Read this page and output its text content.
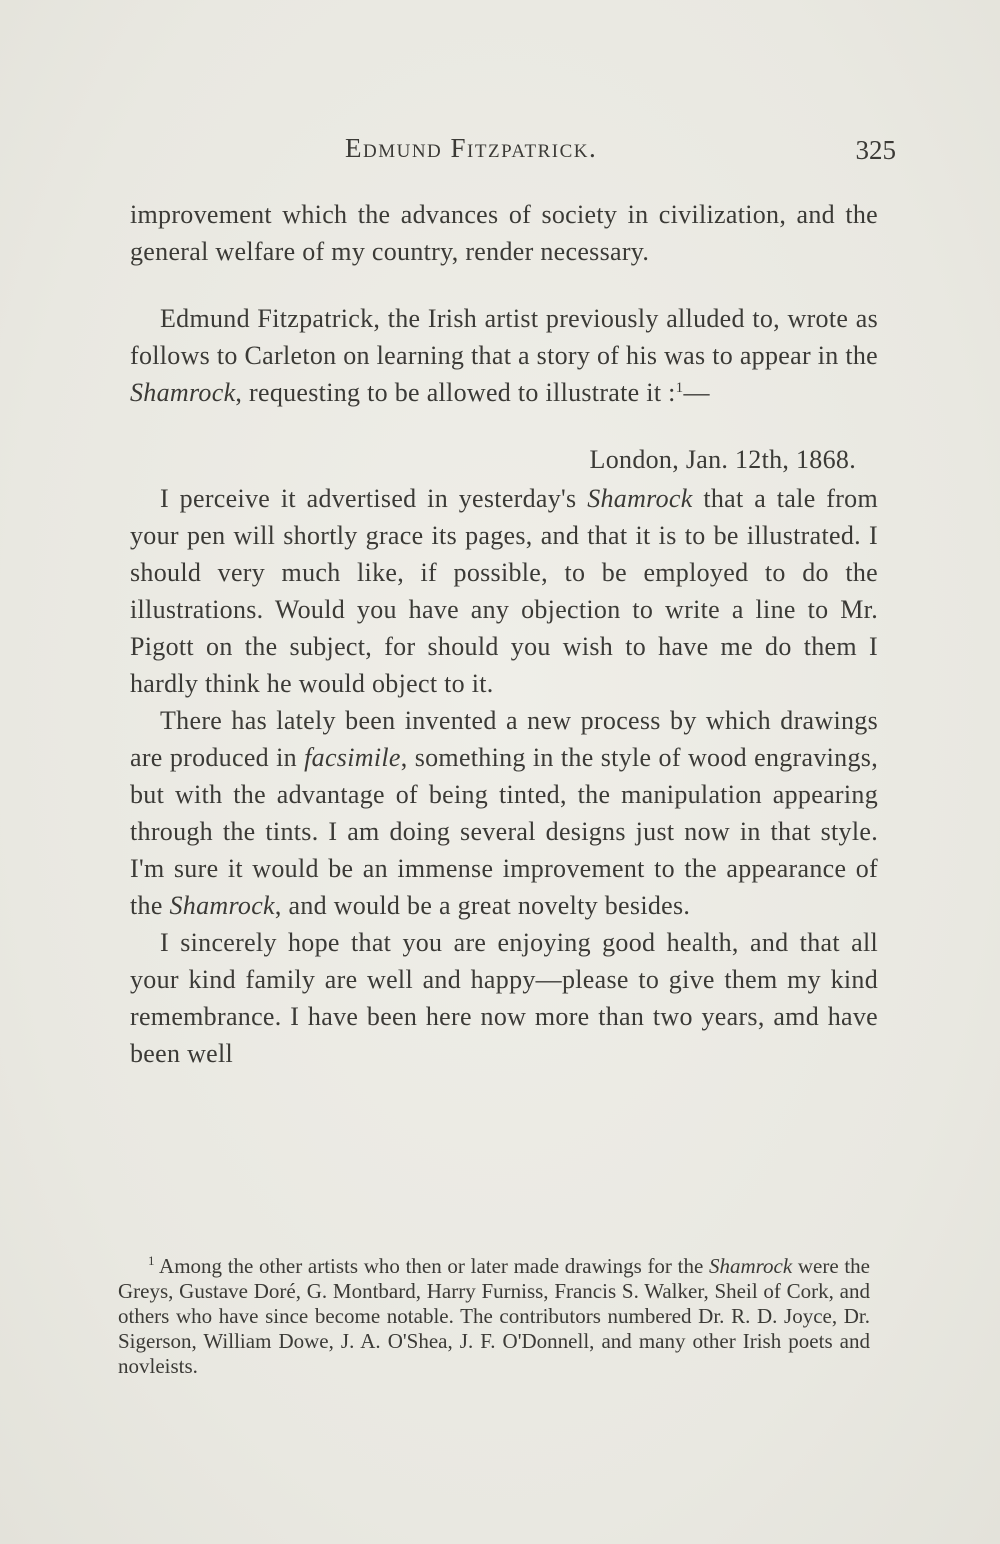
Edmund Fitzpatrick.	325

improvement which the advances of society in civilization, and the general welfare of my country, render necessary.

Edmund Fitzpatrick, the Irish artist previously alluded to, wrote as follows to Carleton on learning that a story of his was to appear in the Shamrock, requesting to be allowed to illustrate it :$^1$—

London, Jan. 12th, 1868.

I perceive it advertised in yesterday's Shamrock that a tale from your pen will shortly grace its pages, and that it is to be illustrated. I should very much like, if possible, to be employed to do the illustrations. Would you have any objection to write a line to Mr. Pigott on the subject, for should you wish to have me do them I hardly think he would object to it.

There has lately been invented a new process by which drawings are produced in facsimile, something in the style of wood engravings, but with the advantage of being tinted, the manipulation appearing through the tints. I am doing several designs just now in that style. I'm sure it would be an immense improvement to the appearance of the Shamrock, and would be a great novelty besides.

I sincerely hope that you are enjoying good health, and that all your kind family are well and happy—please to give them my kind remembrance. I have been here now more than two years, amd have been well

$^1$ Among the other artists who then or later made drawings for the Shamrock were the Greys, Gustave Doré, G. Montbard, Harry Furniss, Francis S. Walker, Sheil of Cork, and others who have since become notable. The contributors numbered Dr. R. D. Joyce, Dr. Sigerson, William Dowe, J. A. O'Shea, J. F. O'Donnell, and many other Irish poets and novleists.
